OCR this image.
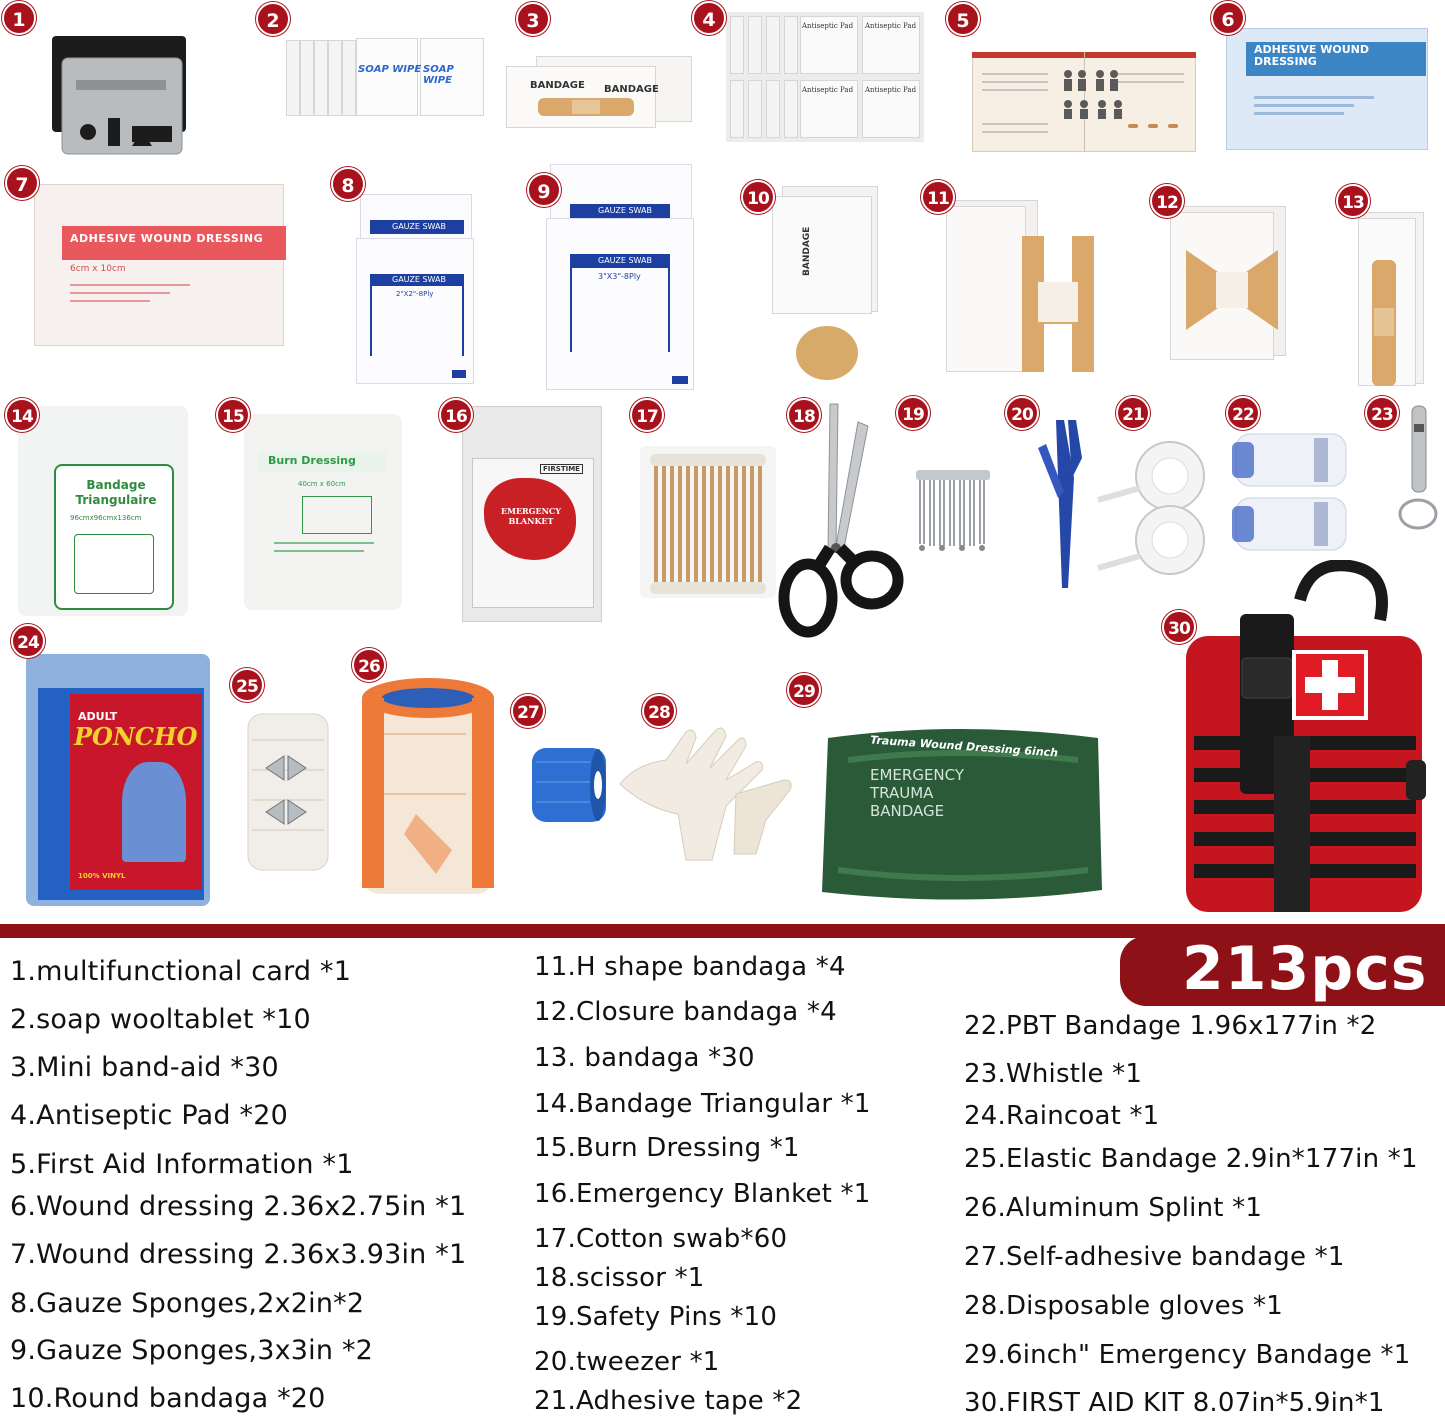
SOAP WIPE SOAP WIPE	BANDAGE BANDAGE
Antiseptic Pad Antiseptic Pad
Antiseptic Pad Antiseptic Pad
ADHESIVE WOUND DRESSING
ADHESIVE WOUND DRESSING
6cm x 10cm
GAUZE SWAB
GAUZE SWAB
2"X2"-8Ply
GAUZE SWAB
GAUZE SWAB
3"X3"-8Ply
BANDAGE
Bandage Triangulaire
96cmx96cmx136cm
Burn Dressing
40cm x 60cm
FIRSTIME
EMERGENCY BLANKET
ADULT
PONCHO
100% VINYL
Trauma Wound Dressing 6inch
EMERGENCY
TRAUMA
BANDAGE
1	2	3	4	5	6
7	8	9	10	11	12	13
14	15	16	17	18	19	20	21	22	23
24
25
26
27	28
29
30
213pcs
1.multifunctional card *1
2.soap wooltablet *10
3.Mini band-aid *30
4.Antiseptic Pad *20
5.First Aid Information *1
6.Wound dressing 2.36x2.75in *1
7.Wound dressing 2.36x3.93in *1
8.Gauze Sponges,2x2in*2
9.Gauze Sponges,3x3in *2
10.Round bandaga *20
11.H shape bandaga *4
12.Closure bandaga *4
13. bandaga *30
14.Bandage Triangular *1
15.Burn Dressing *1
16.Emergency Blanket *1
17.Cotton swab*60
18.scissor *1
19.Safety Pins *10
20.tweezer *1
21.Adhesive tape *2
22.PBT Bandage 1.96x177in *2
23.Whistle *1
24.Raincoat *1
25.Elastic Bandage 2.9in*177in *1
26.Aluminum Splint *1
27.Self-adhesive bandage *1
28.Disposable gloves *1
29.6inch" Emergency Bandage *1
30.FIRST AID KIT 8.07in*5.9in*1
